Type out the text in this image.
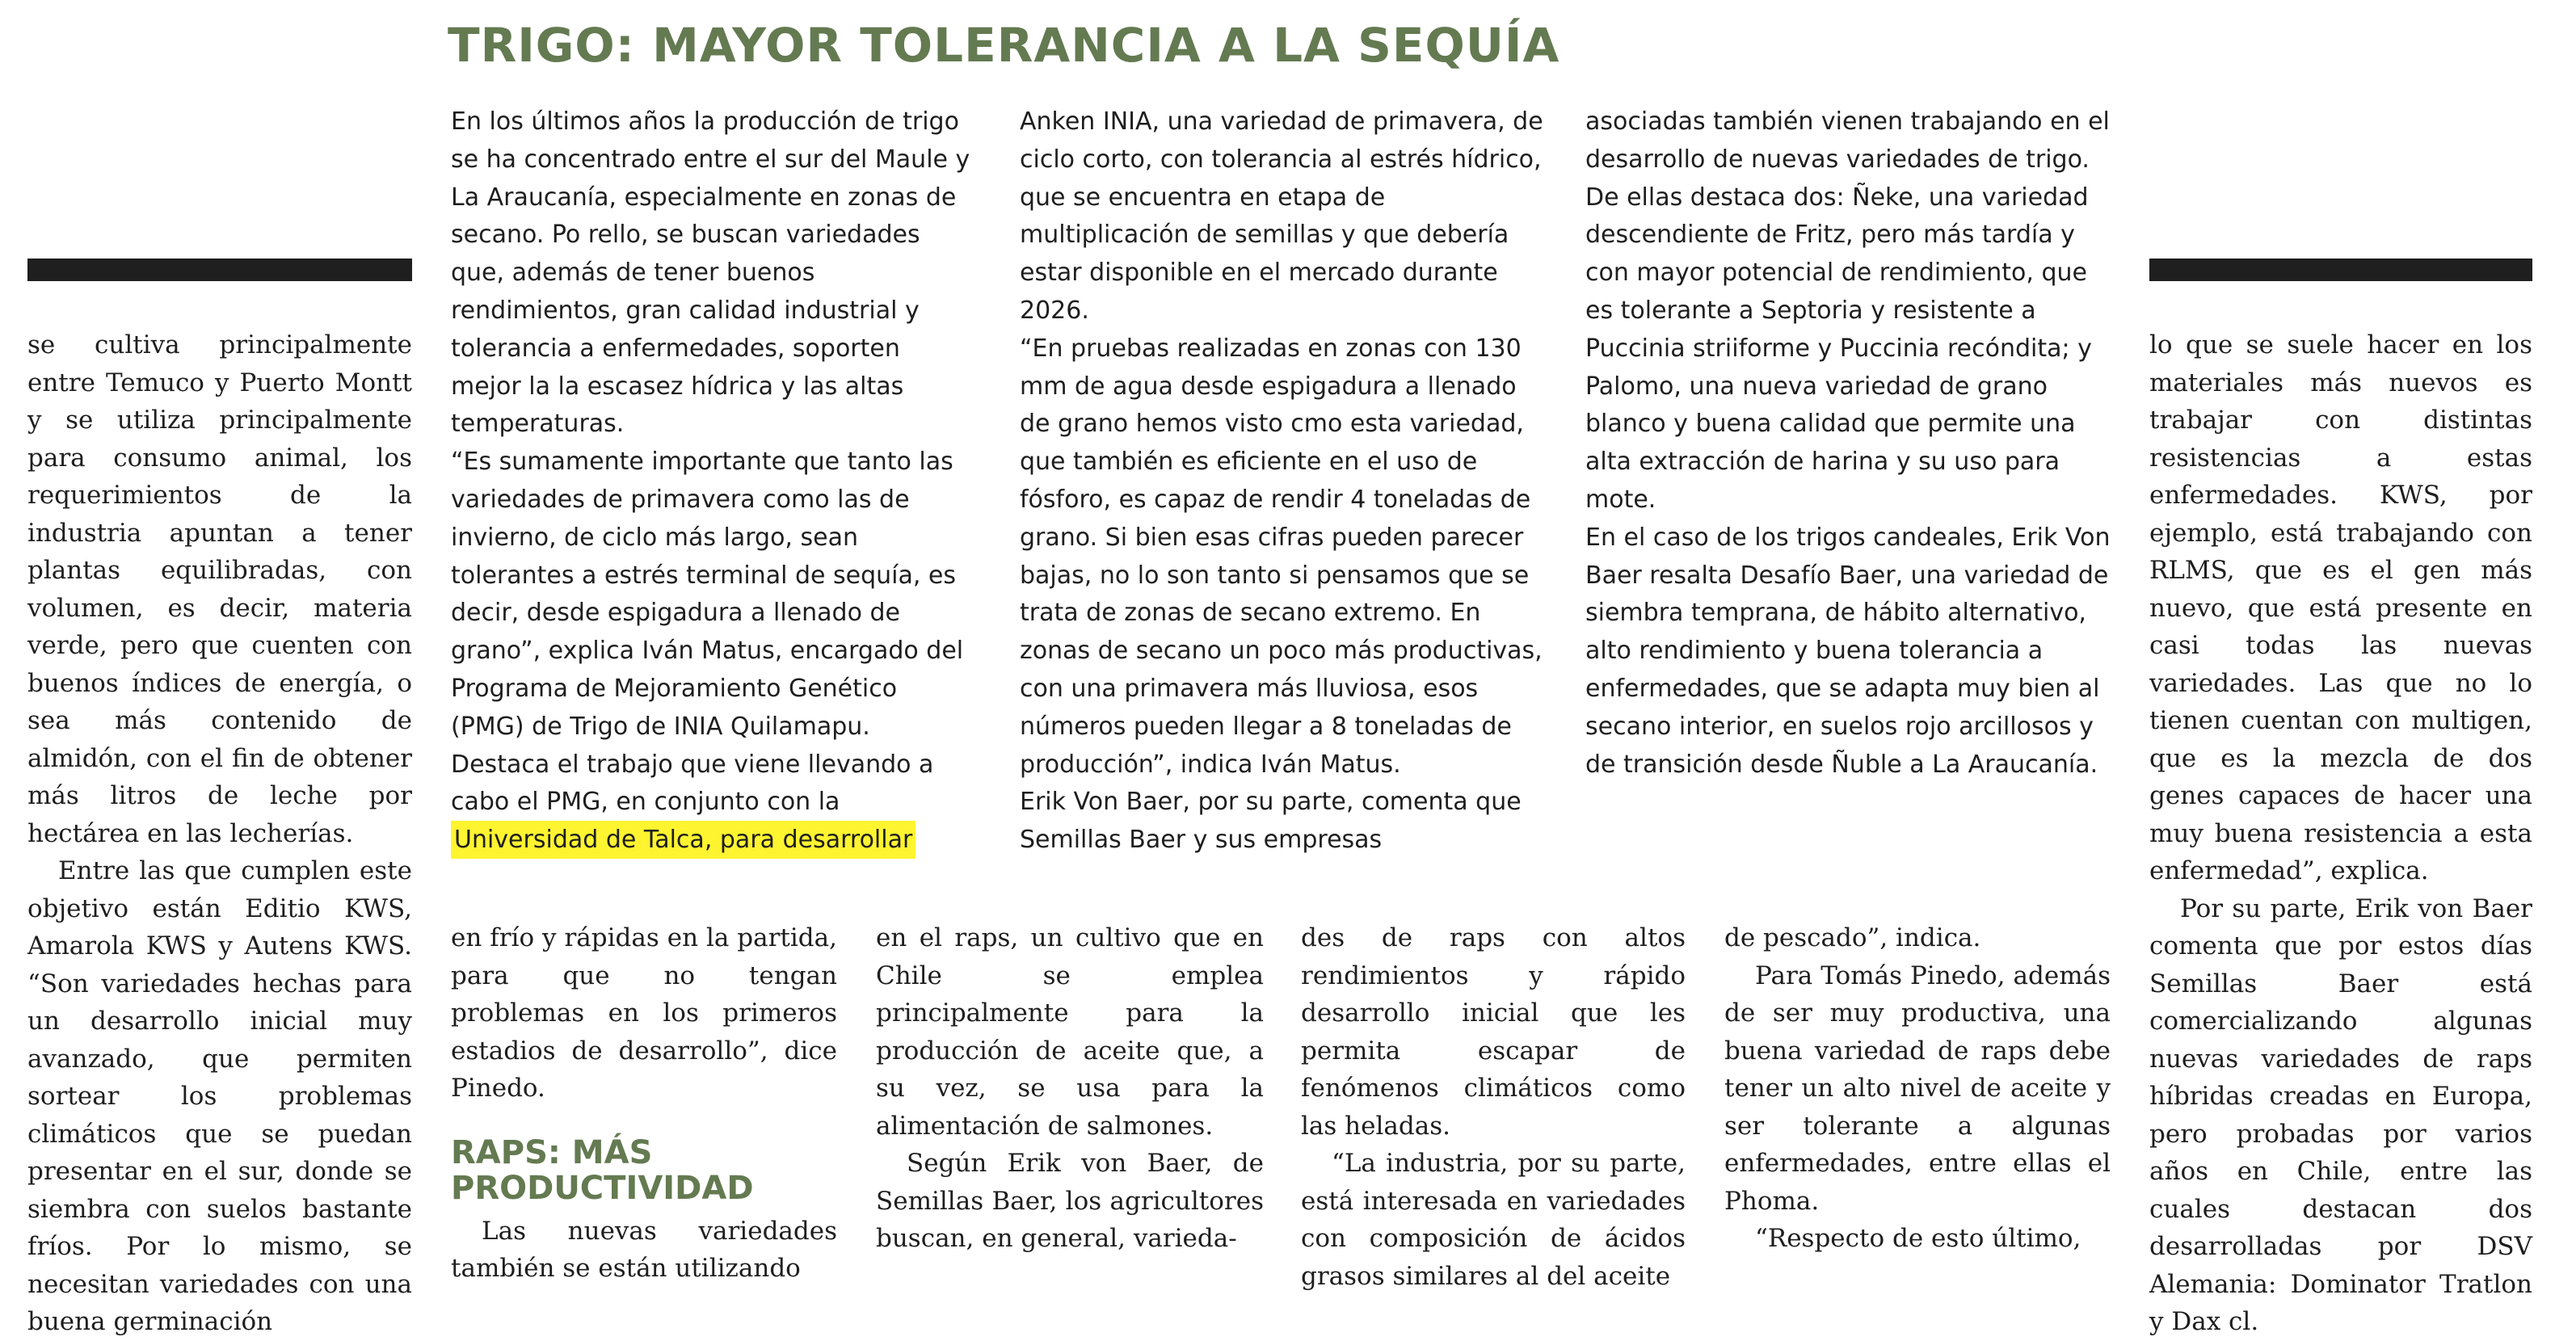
TRIGO: MAYOR TOLERANCIA A LA SEQUÍA

se cultiva principalmente entre Temuco y Puerto Montt y se utiliza principalmente para consumo animal, los requerimientos de la industria apuntan a tener plantas equilibradas, con volumen, es decir, materia verde, pero que cuenten con buenos índices de energía, o sea más contenido de almidón, con el fin de obtener más litros de leche por hectárea en las lecherías.

Entre las que cumplen este objetivo están Editio KWS, Amarola KWS y Autens KWS. “Son variedades hechas para un desarrollo inicial muy avanzado, que permiten sortear los problemas climáticos que se puedan presentar en el sur, donde se siembra con suelos bastante fríos. Por lo mismo, se necesitan variedades con una buena germinación

En los últimos años la producción de trigo se ha concentrado entre el sur del Maule y La Araucanía, especialmente en zonas de secano. Po rello, se buscan variedades que, además de tener buenos rendimientos, gran calidad industrial y tolerancia a enfermedades, soporten mejor la la escasez hídrica y las altas temperaturas.

“Es sumamente importante que tanto las variedades de primavera como las de invierno, de ciclo más largo, sean tolerantes a estrés terminal de sequía, es decir, desde espigadura a llenado de grano”, explica Iván Matus, encargado del Programa de Mejoramiento Genético (PMG) de Trigo de INIA Quilamapu.

Destaca el trabajo que viene llevando a cabo el PMG, en conjunto con la
Universidad de Talca, para desarrollar

Anken INIA, una variedad de primavera, de ciclo corto, con tolerancia al estrés hídrico, que se encuentra en etapa de multiplicación de semillas y que debería estar disponible en el mercado durante 2026.

“En pruebas realizadas en zonas con 130 mm de agua desde espigadura a llenado de grano hemos visto cmo esta variedad, que también es eficiente en el uso de fósforo, es capaz de rendir 4 toneladas de grano. Si bien esas cifras pueden parecer bajas, no lo son tanto si pensamos que se trata de zonas de secano extremo. En zonas de secano un poco más productivas, con una primavera más lluviosa, esos números pueden llegar a 8 toneladas de producción”, indica Iván Matus.

Erik Von Baer, por su parte, comenta que Semillas Baer y sus empresas

asociadas también vienen trabajando en el desarrollo de nuevas variedades de trigo.

De ellas destaca dos: Ñeke, una variedad descendiente de Fritz, pero más tardía y con mayor potencial de rendimiento, que es tolerante a Septoria y resistente a Puccinia striiforme y Puccinia recóndita; y Palomo, una nueva variedad de grano blanco y buena calidad que permite una alta extracción de harina y su uso para mote.

En el caso de los trigos candeales, Erik Von Baer resalta Desafío Baer, una variedad de siembra temprana, de hábito alternativo, alto rendimiento y buena tolerancia a enfermedades, que se adapta muy bien al secano interior, en suelos rojo arcillosos y de transición desde Ñuble a La Araucanía.

en frío y rápidas en la partida, para que no tengan problemas en los primeros estadios de desarrollo”, dice Pinedo.

RAPS: MÁS
PRODUCTIVIDAD

Las nuevas variedades también se están utilizando

en el raps, un cultivo que en Chile se emplea principalmente para la producción de aceite que, a su vez, se usa para la alimentación de salmones.

Según Erik von Baer, de Semillas Baer, los agricultores buscan, en general, varieda-

des de raps con altos rendimientos y rápido desarrollo inicial que les permita escapar de fenómenos climáticos como las heladas.

“La industria, por su parte, está interesada en variedades con composición de ácidos grasos similares al del aceite

de pescado”, indica.

Para Tomás Pinedo, además de ser muy productiva, una buena variedad de raps debe tener un alto nivel de aceite y ser tolerante a algunas enfermedades, entre ellas el Phoma.

“Respecto de esto último,

lo que se suele hacer en los materiales más nuevos es trabajar con distintas resistencias a estas enfermedades. KWS, por ejemplo, está trabajando con RLMS, que es el gen más nuevo, que está presente en casi todas las nuevas variedades. Las que no lo tienen cuentan con multigen, que es la mezcla de dos genes capaces de hacer una muy buena resistencia a esta enfermedad”, explica.

Por su parte, Erik von Baer comenta que por estos días Semillas Baer está comercializando algunas nuevas variedades de raps híbridas creadas en Europa, pero probadas por varios años en Chile, entre las cuales destacan dos desarrolladas por DSV Alemania: Dominator Tratlon y Dax cl.
